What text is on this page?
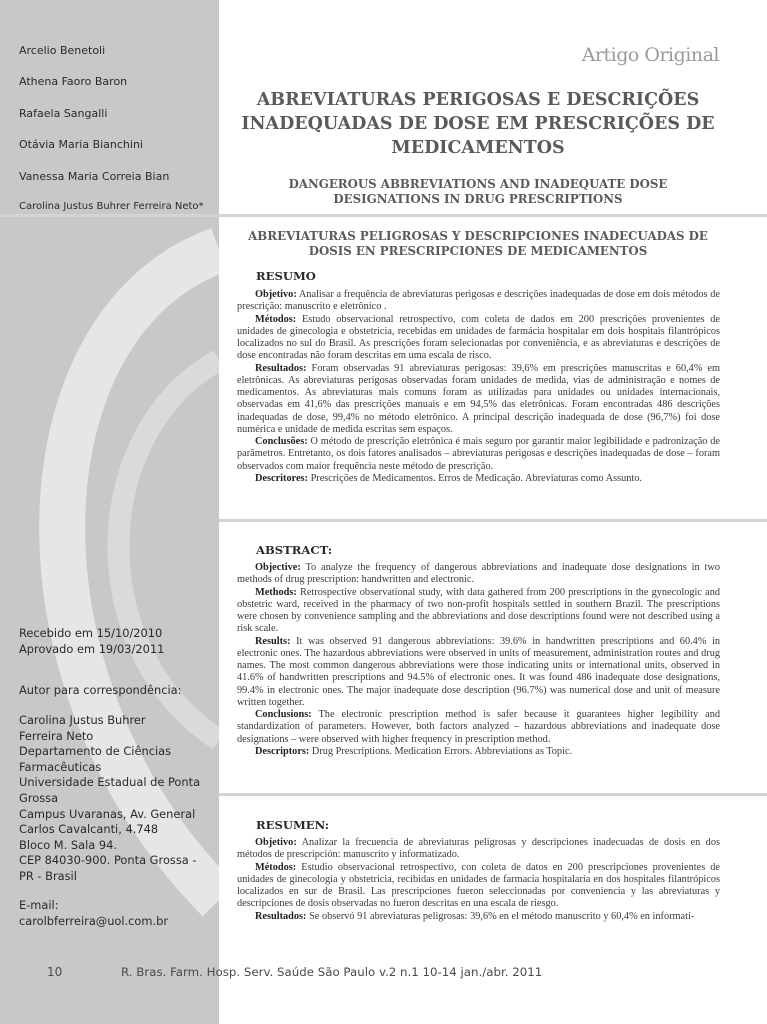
Arcelio Benetoli
Athena Faoro Baron
Rafaela Sangalli
Otávia Maria Bianchini
Vanessa Maria Correia Bian
Carolina Justus Buhrer Ferreira Neto*
Recebido em 15/10/2010
Aprovado em 19/03/2011
Autor para correspondência:
Carolina Justus Buhrer
Ferreira Neto
Departamento de Ciências
Farmacêuticas
Universidade Estadual de Ponta
Grossa
Campus Uvaranas, Av. General
Carlos Cavalcanti, 4.748
Bloco M. Sala 94.
CEP 84030-900. Ponta Grossa -
PR - Brasil
E-mail:
carolbferreira@uol.com.br
Artigo Original
ABREVIATURAS PERIGOSAS E DESCRIÇÕES INADEQUADAS DE DOSE EM PRESCRIÇÕES DE MEDICAMENTOS
DANGEROUS ABBREVIATIONS AND INADEQUATE DOSE DESIGNATIONS IN DRUG PRESCRIPTIONS
ABREVIATURAS PELIGROSAS Y DESCRIPCIONES INADECUADAS DE DOSIS EN PRESCRIPCIONES DE MEDICAMENTOS
RESUMO

Objetivo: Analisar a frequência de abreviaturas perigosas e descrições inadequadas de dose em dois métodos de prescrição: manuscrito e eletrônico .

Métodos: Estudo observacional retrospectivo, com coleta de dados em 200 prescrições provenientes de unidades de ginecologia e obstetrícia, recebidas em unidades de farmácia hospitalar em dois hospitais filantrópicos localizados no sul do Brasil. As prescrições foram selecionadas por conveniência, e as abreviaturas e descrições de dose encontradas não foram descritas em uma escala de risco.

Resultados: Foram observadas 91 abreviaturas perigosas: 39,6% em prescrições manuscritas e 60,4% em eletrônicas. As abreviaturas perigosas observadas foram unidades de medida, vias de administração e nomes de medicamentos. As abreviaturas mais comuns foram as utilizadas para unidades ou unidades internacionais, observadas em 41,6% das prescrições manuais e em 94,5% das eletrônicas. Foram encontradas 486 descrições inadequadas de dose, 99,4% no método eletrônico. A principal descrição inadequada de dose (96,7%) foi dose numérica e unidade de medida escritas sem espaços.

Conclusões: O método de prescrição eletrônica é mais seguro por garantir maior legibilidade e padronização de parâmetros. Entretanto, os dois fatores analisados – abreviaturas perigosas e descrições inadequadas de dose – foram observados com maior frequência neste método de prescrição.

Descritores: Prescrições de Medicamentos. Erros de Medicação. Abreviaturas como Assunto.

ABSTRACT:

Objective: To analyze the frequency of dangerous abbreviations and inadequate dose designations in two methods of drug prescription: handwritten and electronic.

Methods: Retrospective observational study, with data gathered from 200 prescriptions in the gynecologic and obstetric ward, received in the pharmacy of two non-profit hospitals settled in southern Brazil. The prescriptions were chosen by convenience sampling and the abbreviations and dose descriptions found were not described using a risk scale.

Results: It was observed 91 dangerous abbreviations: 39.6% in handwritten prescriptions and 60.4% in electronic ones. The hazardous abbreviations were observed in units of measurement, administration routes and drug names. The most common dangerous abbreviations were those indicating units or international units, observed in 41.6% of handwritten prescriptions and 94.5% of electronic ones. It was found 486 inadequate dose designations, 99.4% in electronic ones. The major inadequate dose description (96.7%) was numerical dose and unit of measure written together.

Conclusions: The electronic prescription method is safer because it guarantees higher legibility and standardization of parameters. However, both factors analyzed – hazardous abbreviations and inadequate dose designations – were observed with higher frequency in prescription method.

Descriptors: Drug Prescriptions. Medication Errors. Abbreviations as Topic.

RESUMEN:

Objetivo: Analizar la frecuencia de abreviaturas peligrosas y descripciones inadecuadas de dosis en dos métodos de prescripción: manuscrito y informatizado.

Métodos: Estudio observacional retrospectivo, con coleta de datos en 200 prescripciones provenientes de unidades de ginecología y obstetricia, recibidas en unidades de farmacia hospitalaria en dos hospitales filantrópicos localizados en sur de Brasil. Las prescripciones fueron seleccionadas por conveniencia y las abreviaturas y descripciones de dosis observadas no fueron descritas en una escala de riesgo.

Resultados: Se observó 91 abreviaturas peligrosas: 39,6% en el método manuscrito y 60,4% en informati-

10	R. Bras. Farm. Hosp. Serv. Saúde São Paulo v.2 n.1 10-14 jan./abr. 2011
